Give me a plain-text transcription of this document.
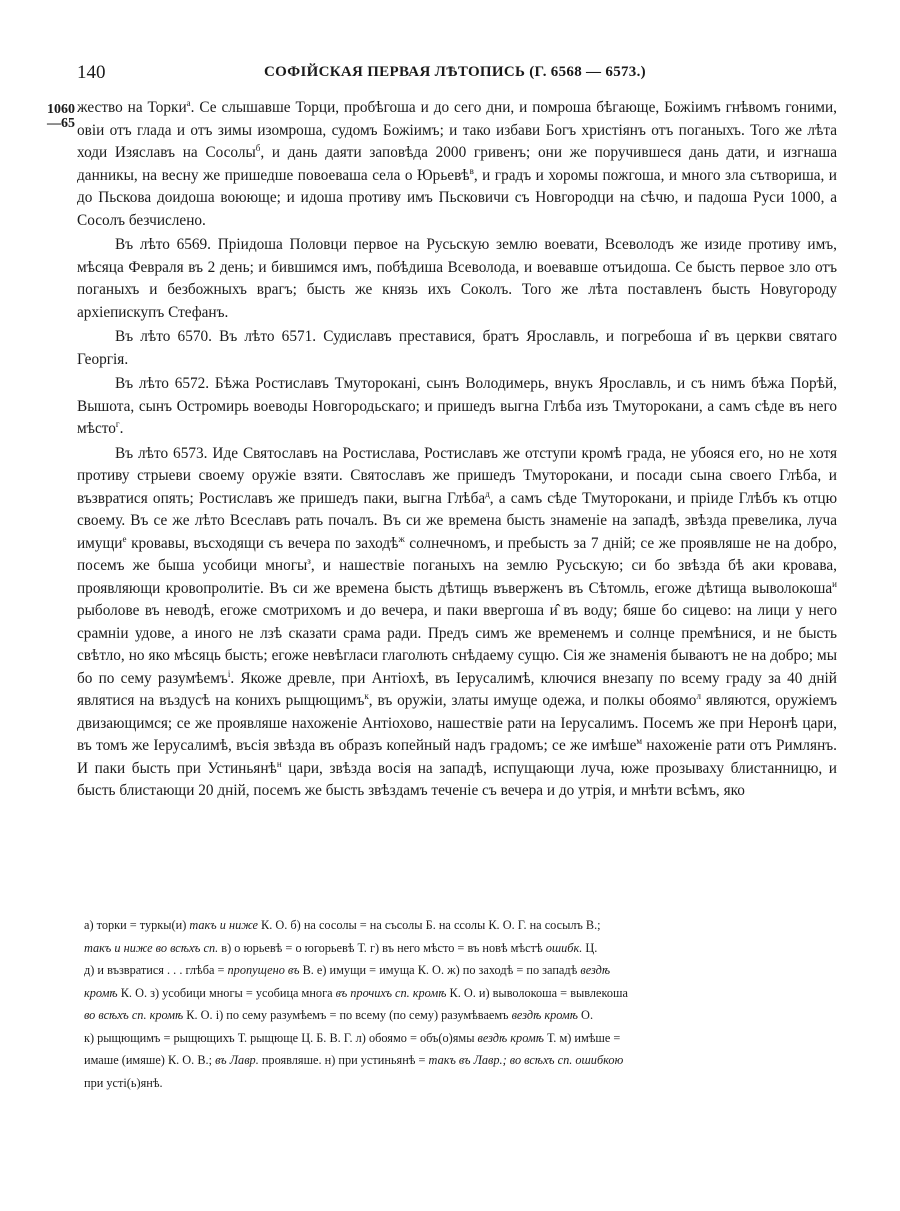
140	СОФІЙСКАЯ ПЕРВАЯ ЛѢТОПИСЬ (Г. 6568 — 6573.)
1060
—65

жество на Торки$^а$. Се слышавше Торци, пробѣгоша и до сего дни, и помроша бѣгающе, Божіимъ гнѣвомъ гоними, овіи отъ глада и отъ зимы изомроша, судомъ Божіимъ; и тако избави Богъ христіянъ отъ поганыхъ. Того же лѣта ходи Изяславъ на Сосолы$^б$, и дань даяти заповѣда 2000 гривенъ; они же поручившеся дань дати, и изгнаша данникы, на весну же пришедше повоеваша села о Юрьевѣ$^в$, и градъ и хоромы пожгоша, и много зла сътвориша, и до Пьскова доидоша воююще; и идоша противу имъ Пьсковичи съ Новгородци на сѣчю, и падоша Руси 1000, а Сосолъ безчислено.

Въ лѣто 6569. Пріидоша Половци первое на Русьскую землю воевати, Всеволодъ же изиде противу имъ, мѣсяца Февраля въ 2 день; и бившимся имъ, побѣдиша Всеволода, и воевавше отъидоша. Се бысть первое зло отъ поганыхъ и безбожныхъ врагъ; бысть же князь ихъ Соколъ. Того же лѣта поставленъ бысть Новугороду архіепискупъ Стефанъ.

Въ лѣто 6570. Въ лѣто 6571. Судиславъ преставися, братъ Ярославль, и погребоша и̂ въ церкви святаго Георгія.

Въ лѣто 6572. Бѣжа Ростиславъ Тмутороканi, сынъ Володимерь, внукъ Ярославль, и съ нимъ бѣжа Порѣй, Вышота, сынъ Остромирь воеводы Новгородьскаго; и пришедъ выгна Глѣба изъ Тмуторокани, а самъ сѣде въ него мѣсто$^г$.

Въ лѣто 6573. Иде Святославъ на Ростислава, Ростиславъ же отступи кромѣ града, не убояся его, но не хотя противу стрыеви своему оружіе взяти. Святославъ же пришедъ Тмуторокани, и посади сына своего Глѣба, и възвратися опять; Ростиславъ же пришедъ паки, выгна Глѣба$^д$, а самъ сѣде Тмуторокани, и пріиде Глѣбъ къ отцю своему. Въ се же лѣто Всеславъ рать почалъ. Въ си же времена бысть знаменіе на западѣ, звѣзда превелика, луча имущи$^е$ кровавы, въсходящи съ вечера по заходѣ$^ж$ солнечномъ, и пребысть за 7 дній; се же проявляше не на добро, посемъ же быша усобици многы$^з$, и нашествіе поганыхъ на землю Русьскую; си бо звѣзда бѣ аки кровава, проявляющи кровопролитіе. Въ си же времена бысть дѣтищь въверженъ въ Сѣтомль, егоже дѣтища выволокоша$^и$ рыболове въ неводѣ, егоже смотрихомъ и до вечера, и паки ввергоша и̂ въ воду; бяше бо сицево: на лици у него срамніи удове, а иного не лзѣ сказати срама ради. Предъ симъ же временемъ и солнце премѣнися, и не бысть свѣтло, но яко мѣсяць бысть; егоже невѣгласи глаголють снѣдаему сущю. Сія же знаменія бываютъ не на добро; мы бо по сему разумѣемъ$^і$. Якоже древле, при Антіохѣ, въ Іерусалимѣ, ключися внезапу по всему граду за 40 дній являтися на въздусѣ на конихъ рыщющимъ$^к$, въ оружіи, златы имуще одежа, и полкы обоямо$^л$ являются, оружіемъ двизающимся; се же проявляше нахоженіе Антіохово, нашествіе рати на Іерусалимъ. Посемъ же при Неронѣ цари, въ томъ же Іерусалимѣ, въсія звѣзда въ образъ копейный надъ градомъ; се же имѣше$^м$ нахоженіе рати отъ Римлянъ. И паки бысть при Устиньянѣ$^н$ цари, звѣзда восія на западѣ, испущающи луча, юже прозываху блистанницю, и бысть блистающи 20 дній, посемъ же бысть звѣздамъ теченіе съ вечера и до утрія, и мнѣти всѣмъ, яко

а) торки = туркы(и) такъ и ниже К. О. б) на сосолы = на съсолы Б. на ссолы К. О. Г. на сосылъ В.;

такъ и ниже во всѣхъ сп. в) о юрьевѣ = о югорьевѣ Т. г) въ него мѣсто = въ новѣ мѣстѣ ошибк. Ц.

д) и възвратися . . . глѣба = пропущено въ В. е) имущи = имуща К. О. ж) по заходѣ = по западѣ вездѣ

кромѣ К. О. з) усобици многы = усобица многа въ прочихъ сп. кромѣ К. О. и) выволокоша = вывлекоша

во всѣхъ сп. кромѣ К. О. і) по сему разумѣемъ = по всему (по сему) разумѣваемъ вездѣ кромѣ О.

к) рыщющимъ = рыщющихъ Т. рыщюще Ц. Б. В. Г. л) обоямо = объ(о)ямы вездѣ кромѣ Т. м) имѣше =

имаше (имяше) К. О. В.; въ Лавр. проявляше. н) при устиньянѣ = такъ въ Лавр.; во всѣхъ сп. ошибкою

при усті(ь)янѣ.
